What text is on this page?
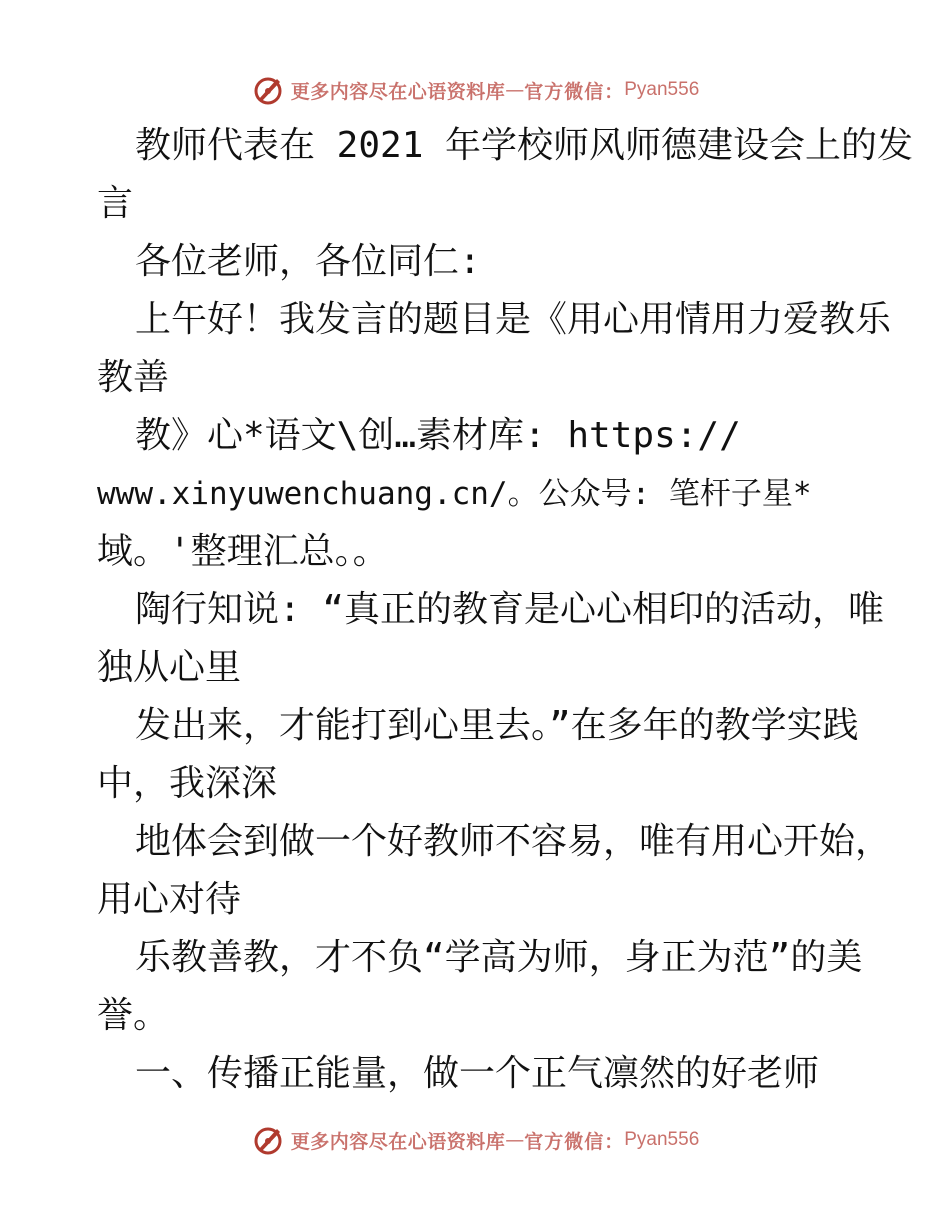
更多内容尽在心语资料库 — 官方微信： Pyan556
教师代表在 2021 年学校师风师德建设会上的发
言
各位老师，各位同仁:
上午好！我发言的题目是《用心用情用力爱教乐
教善
教》心*语文\创…素材库: https://
www.xinyuwenchuang.cn/。公众号: 笔杆子星*
域。'整理汇总。。
陶行知说: “真正的教育是心心相印的活动，唯
独从心里
发出来，才能打到心里去。”在多年的教学实践
中，我深深
地体会到做一个好教师不容易，唯有用心开始，
用心对待
乐教善教，才不负“学高为师，身正为范”的美
誉。
一、传播正能量，做一个正气凛然的好老师
更多内容尽在心语资料库 — 官方微信： Pyan556
